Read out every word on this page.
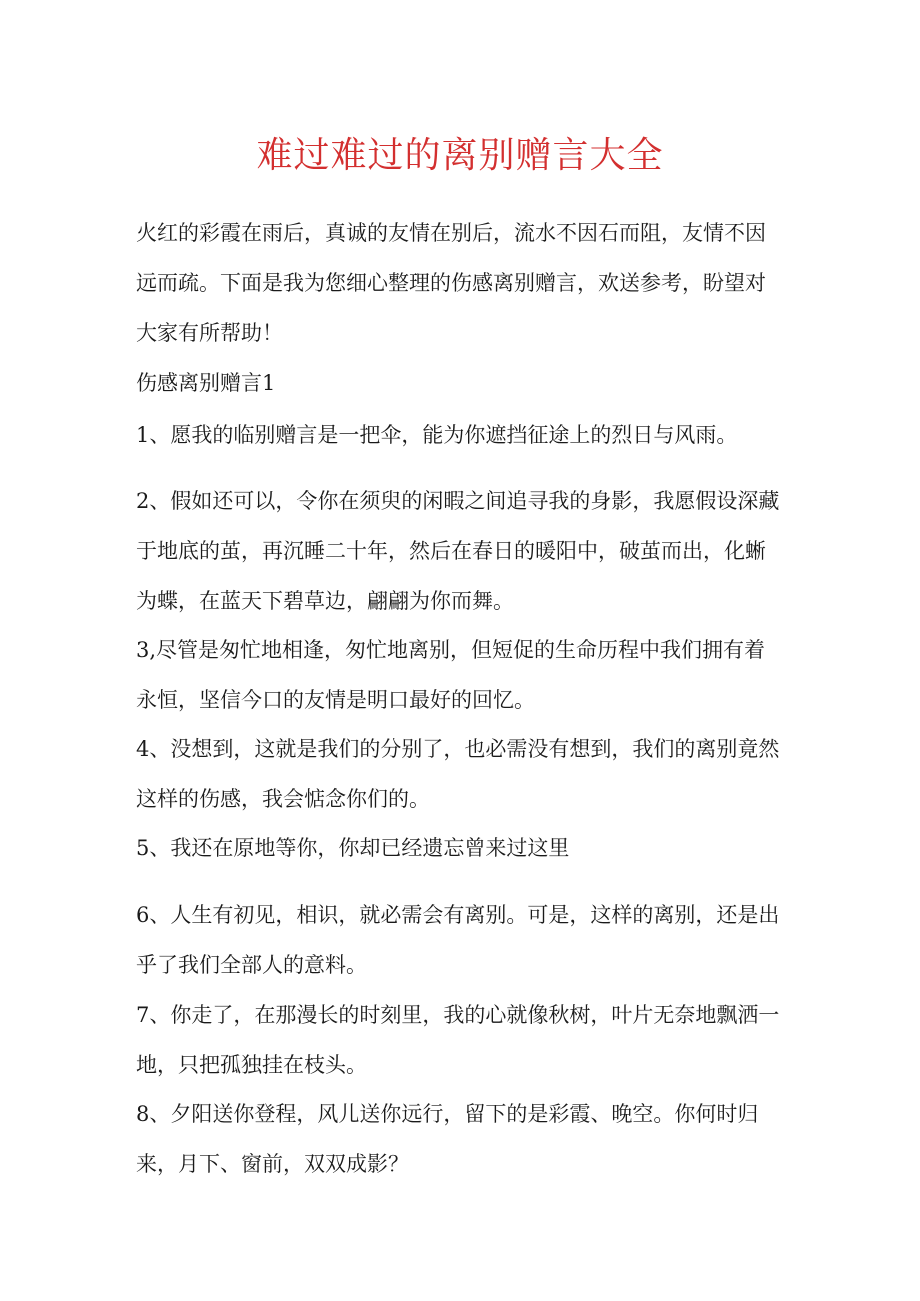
难过难过的离别赠言大全

火红的彩霞在雨后，真诚的友情在别后，流水不因石而阻，友情不因远而疏。下面是我为您细心整理的伤感离别赠言，欢送参考，盼望对大家有所帮助！

伤感离别赠言1

1、愿我的临别赠言是一把伞，能为你遮挡征途上的烈日与风雨。

2、假如还可以，令你在须臾的闲暇之间追寻我的身影，我愿假设深藏于地底的茧，再沉睡二十年，然后在春日的暖阳中，破茧而出，化蜥为蝶，在蓝天下碧草边，翩翩为你而舞。

3,尽管是匆忙地相逢，匆忙地离别，但短促的生命历程中我们拥有着永恒，坚信今口的友情是明口最好的回忆。

4、没想到，这就是我们的分别了，也必需没有想到，我们的离别竟然这样的伤感，我会惦念你们的。

5、我还在原地等你，你却已经遗忘曾来过这里

6、人生有初见，相识，就必需会有离别。可是，这样的离别，还是出乎了我们全部人的意料。

7、你走了，在那漫长的时刻里，我的心就像秋树，叶片无奈地飘洒一地，只把孤独挂在枝头。

8、夕阳送你登程，风儿送你远行，留下的是彩霞、晚空。你何时归来，月下、窗前，双双成影？
